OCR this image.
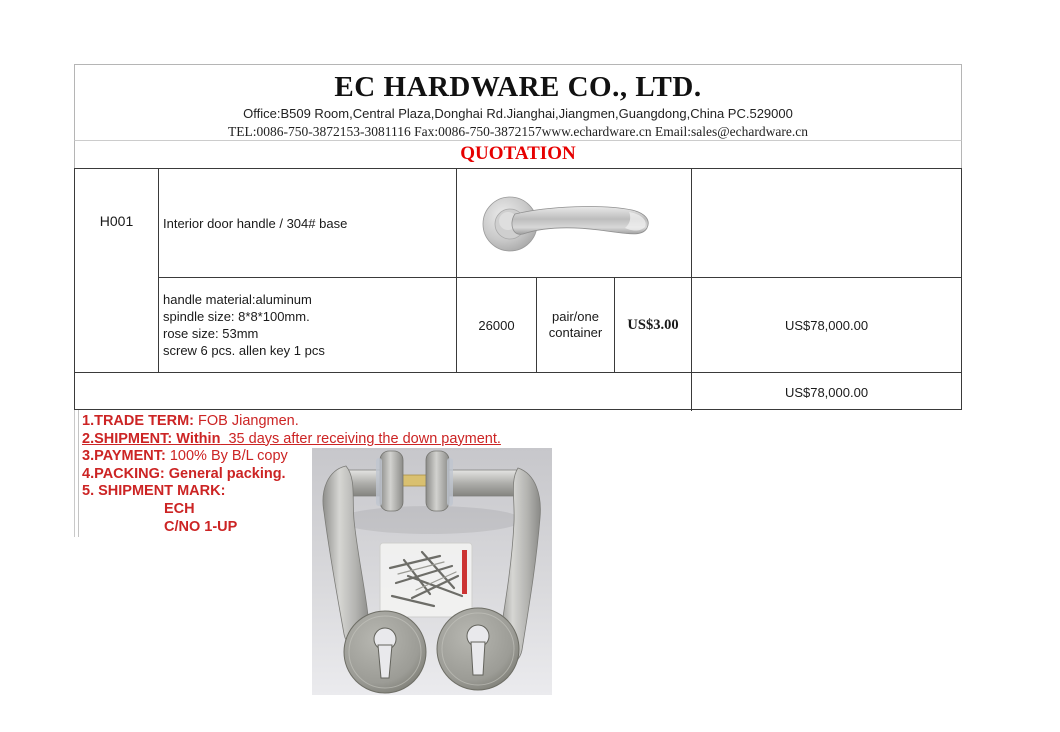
EC HARDWARE CO., LTD.
Office:B509 Room,Central Plaza,Donghai Rd.Jianghai,Jiangmen,Guangdong,China PC.529000
TEL:0086-750-3872153-3081116 Fax:0086-750-3872157www.echardware.cn Email:sales@echardware.cn
QUOTATION
H001 Interior door handle / 304# base
handle material:aluminum
spindle size: 8*8*100mm.
rose size: 53mm
screw 6 pcs. allen key 1 pcs
26000
pair/one container	US$3.00	US$78,000.00
US$78,000.00
1.TRADE TERM: FOB Jiangmen.
2.SHIPMENT: Within  35 days after receiving the down payment.
3.PAYMENT: 100% By B/L copy
4.PACKING: General packing.
5. SHIPMENT MARK:
ECH
C/NO 1-UP
